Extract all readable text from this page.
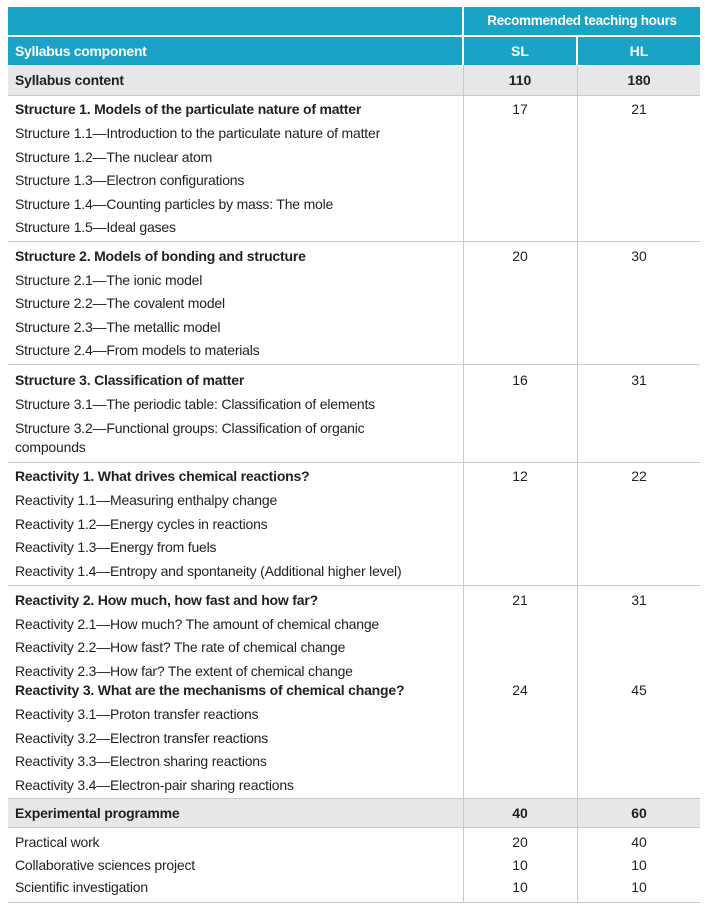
Recommended teaching hours
Syllabus component	SL	HL
Syllabus content	110	180
Structure 1. Models of the particulate nature of matter	17	21
Structure 1.1—Introduction to the particulate nature of matter
Structure 1.2—The nuclear atom
Structure 1.3—Electron configurations
Structure 1.4—Counting particles by mass: The mole
Structure 1.5—Ideal gases
Structure 2. Models of bonding and structure	20	30
Structure 2.1—The ionic model
Structure 2.2—The covalent model
Structure 2.3—The metallic model
Structure 2.4—From models to materials
Structure 3. Classification of matter	16	31
Structure 3.1—The periodic table: Classification of elements
Structure 3.2—Functional groups: Classification of organic compounds
Reactivity 1. What drives chemical reactions?	12	22
Reactivity 1.1—Measuring enthalpy change
Reactivity 1.2—Energy cycles in reactions
Reactivity 1.3—Energy from fuels
Reactivity 1.4—Entropy and spontaneity (Additional higher level)
Reactivity 2. How much, how fast and how far?	21	31
Reactivity 2.1—How much? The amount of chemical change
Reactivity 2.2—How fast? The rate of chemical change
Reactivity 2.3—How far? The extent of chemical change
Reactivity 3. What are the mechanisms of chemical change?	24	45
Reactivity 3.1—Proton transfer reactions
Reactivity 3.2—Electron transfer reactions
Reactivity 3.3—Electron sharing reactions
Reactivity 3.4—Electron-pair sharing reactions
Experimental programme	40	60
Practical work	20	40
Collaborative sciences project	10	10
Scientific investigation	10	10
